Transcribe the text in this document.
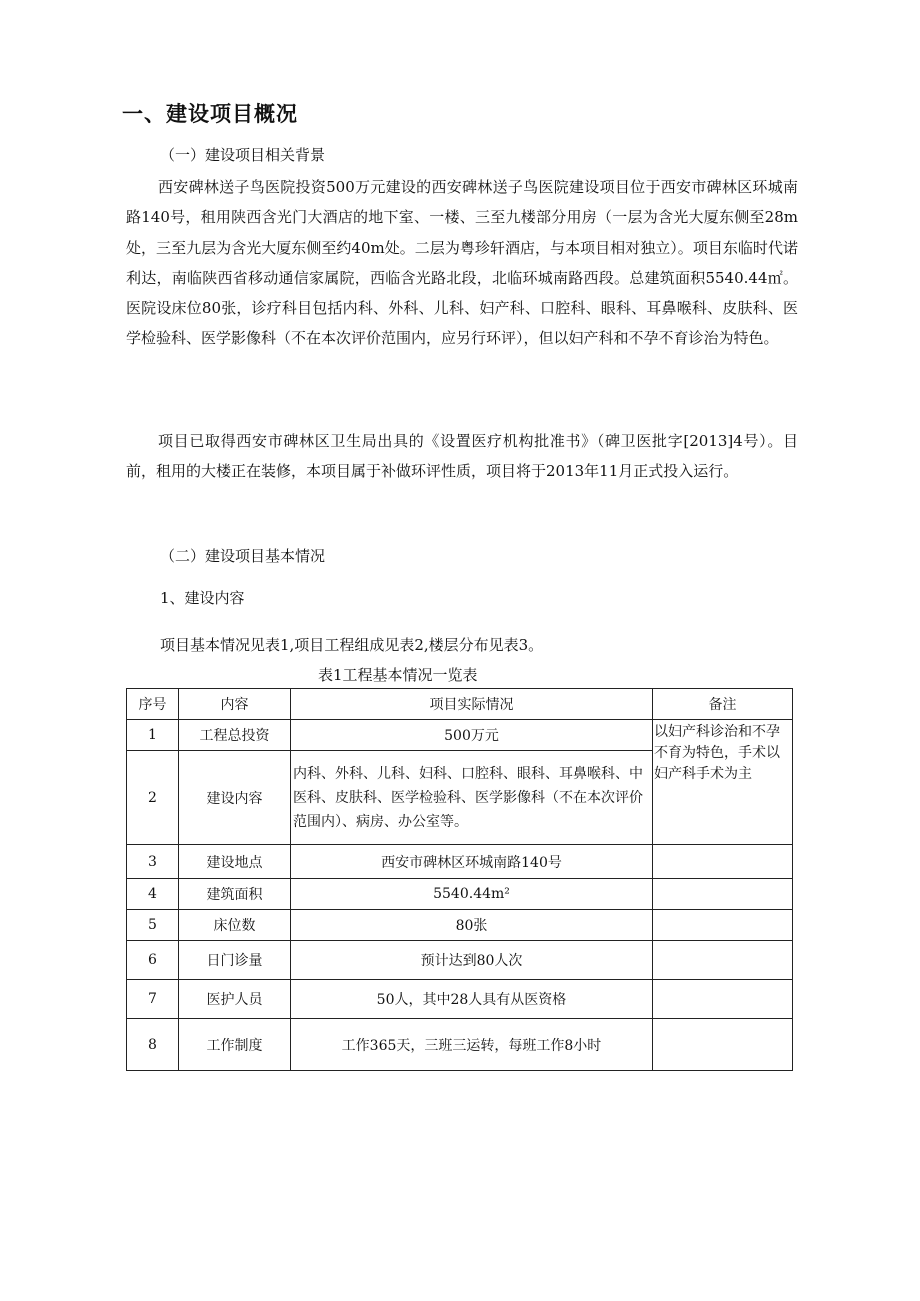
一、建设项目概况
（一）建设项目相关背景
西安碑林送子鸟医院投资500万元建设的西安碑林送子鸟医院建设项目位于西安市碑林区环城南路140号，租用陕西含光门大酒店的地下室、一楼、三至九楼部分用房（一层为含光大厦东侧至28m处，三至九层为含光大厦东侧至约40m处。二层为粤珍轩酒店，与本项目相对独立）。项目东临时代诺利达，南临陕西省移动通信家属院，西临含光路北段，北临环城南路西段。总建筑面积5540.44㎡。医院设床位80张，诊疗科目包括内科、外科、儿科、妇产科、口腔科、眼科、耳鼻喉科、皮肤科、医学检验科、医学影像科（不在本次评价范围内，应另行环评），但以妇产科和不孕不育诊治为特色。
项目已取得西安市碑林区卫生局出具的《设置医疗机构批准书》（碑卫医批字[2013]4号）。目前，租用的大楼正在装修，本项目属于补做环评性质，项目将于2013年11月正式投入运行。
（二）建设项目基本情况
1、建设内容
项目基本情况见表1,项目工程组成见表2,楼层分布见表3。
表1工程基本情况一览表
序号	内容	项目实际情况	备注
1	工程总投资	500万元	以妇产科诊治和不孕不育为特色，手术以妇产科手术为主
2	建设内容	内科、外科、儿科、妇科、口腔科、眼科、耳鼻喉科、中医科、皮肤科、医学检验科、医学影像科（不在本次评价范围内）、病房、办公室等。	
3	建设地点	西安市碑林区环城南路140号	
4	建筑面积	5540.44m²	
5	床位数	80张	
6	日门诊量	预计达到80人次	
7	医护人员	50人，其中28人具有从医资格	
8	工作制度	工作365天，三班三运转，每班工作8小时	
